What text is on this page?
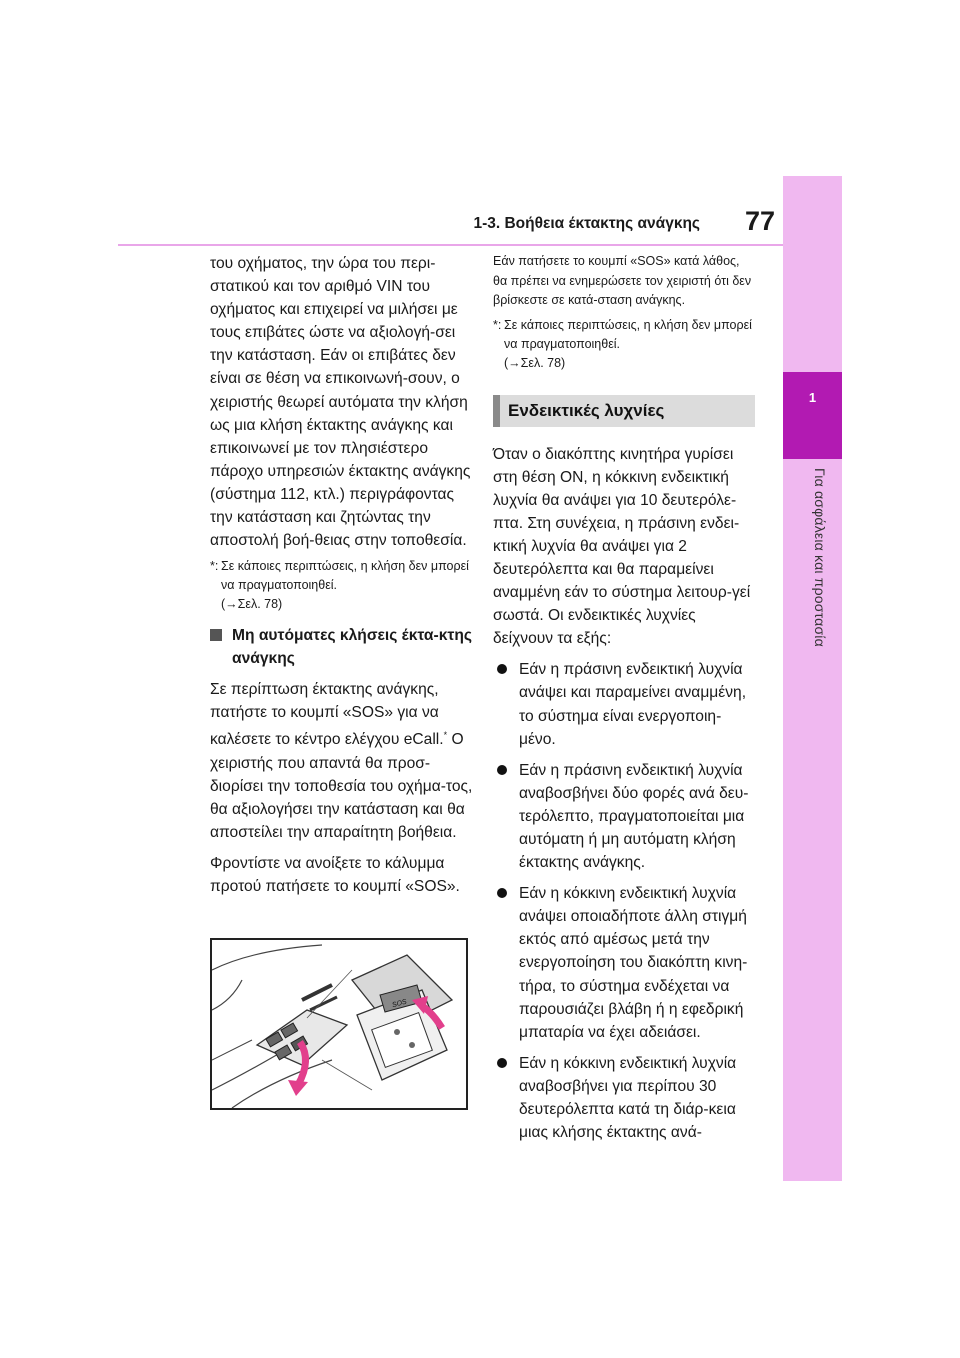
1-3. Βοήθεια έκτακτης ανάγκης	77
1
Για ασφάλεια και προστασία

του οχήματος, την ώρα του περι-στατικού και τον αριθμό VIN του οχήματος και επιχειρεί να μιλήσει με τους επιβάτες ώστε να αξιολογή-σει την κατάσταση. Εάν οι επιβάτες δεν είναι σε θέση να επικοινωνή-σουν, ο χειριστής θεωρεί αυτόματα την κλήση ως μια κλήση έκτακτης ανάγκης και επικοινωνεί με τον πλησιέστερο πάροχο υπηρεσιών έκτακτης ανάγκης (σύστημα 112, κτλ.) περιγράφοντας την κατάσταση και ζητώντας την αποστολή βοή-θειας στην τοποθεσία.

*: Σε κάποιες περιπτώσεις, η κλήση δεν μπορεί να πραγματοποιηθεί.
(→Σελ. 78)
Μη αυτόματες κλήσεις έκτα-κτης ανάγκης

Σε περίπτωση έκτακτης ανάγκης, πατήστε το κουμπί «SOS» για να καλέσετε το κέντρο ελέγχου eCall.* Ο χειριστής που απαντά θα προσ-διορίσει την τοποθεσία του οχήμα-τος, θα αξιολογήσει την κατάσταση και θα αποστείλει την απαραίτητη βοήθεια.

Φροντίστε να ανοίξετε το κάλυμμα προτού πατήσετε το κουμπί «SOS».

SOS

Εάν πατήσετε το κουμπί «SOS» κατά λάθος, θα πρέπει να ενημερώσετε τον χειριστή ότι δεν βρίσκεστε σε κατά-σταση ανάγκης.

*: Σε κάποιες περιπτώσεις, η κλήση δεν μπορεί να πραγματοποιηθεί.
(→Σελ. 78)
Ενδεικτικές λυχνίες

Όταν ο διακόπτης κινητήρα γυρίσει στη θέση ON, η κόκκινη ενδεικτική λυχνία θα ανάψει για 10 δευτερόλε-πτα. Στη συνέχεια, η πράσινη ενδει-κτική λυχνία θα ανάψει για 2 δευτερόλεπτα και θα παραμείνει αναμμένη εάν το σύστημα λειτουρ-γεί σωστά. Οι ενδεικτικές λυχνίες δείχνουν τα εξής:

Εάν η πράσινη ενδεικτική λυχνία ανάψει και παραμείνει αναμμένη, το σύστημα είναι ενεργοποιη-μένο.
Εάν η πράσινη ενδεικτική λυχνία αναβοσβήνει δύο φορές ανά δευ-τερόλεπτο, πραγματοποιείται μια αυτόματη ή μη αυτόματη κλήση έκτακτης ανάγκης.
Εάν η κόκκινη ενδεικτική λυχνία ανάψει οποιαδήποτε άλλη στιγμή εκτός από αμέσως μετά την ενεργοποίηση του διακόπτη κινη-τήρα, το σύστημα ενδέχεται να παρουσιάζει βλάβη ή η εφεδρική μπαταρία να έχει αδειάσει.
Εάν η κόκκινη ενδεικτική λυχνία αναβοσβήνει για περίπου 30 δευτερόλεπτα κατά τη διάρ-κεια μιας κλήσης έκτακτης ανά-
